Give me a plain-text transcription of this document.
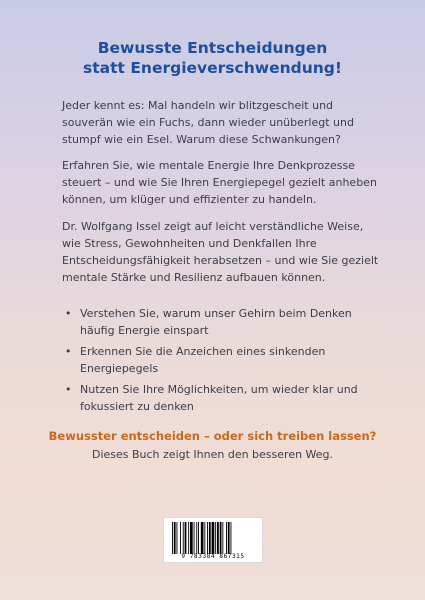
Bewusste Entscheidungen
statt Energieverschwendung!

Jeder kennt es: Mal handeln wir blitzgescheit und souverän wie ein Fuchs, dann wieder unüberlegt und stumpf wie ein Esel. Warum diese Schwankungen?

Erfahren Sie, wie mentale Energie Ihre Denkprozesse steuert – und wie Sie Ihren Energiepegel gezielt anheben können, um klüger und effizienter zu handeln.

Dr. Wolfgang Issel zeigt auf leicht verständliche Weise, wie Stress, Gewohnheiten und Denkfallen Ihre Entscheidungsfähigkeit herabsetzen – und wie Sie gezielt mentale Stärke und Resilienz aufbauen können.

• Verstehen Sie, warum unser Gehirn beim Denken häufig Energie einspart
• Erkennen Sie die Anzeichen eines sinkenden Energiepegels
• Nutzen Sie Ihre Möglichkeiten, um wieder klar und fokussiert zu denken

Bewusster entscheiden – oder sich treiben lassen?

Dieses Buch zeigt Ihnen den besseren Weg.

9 783384 867315
